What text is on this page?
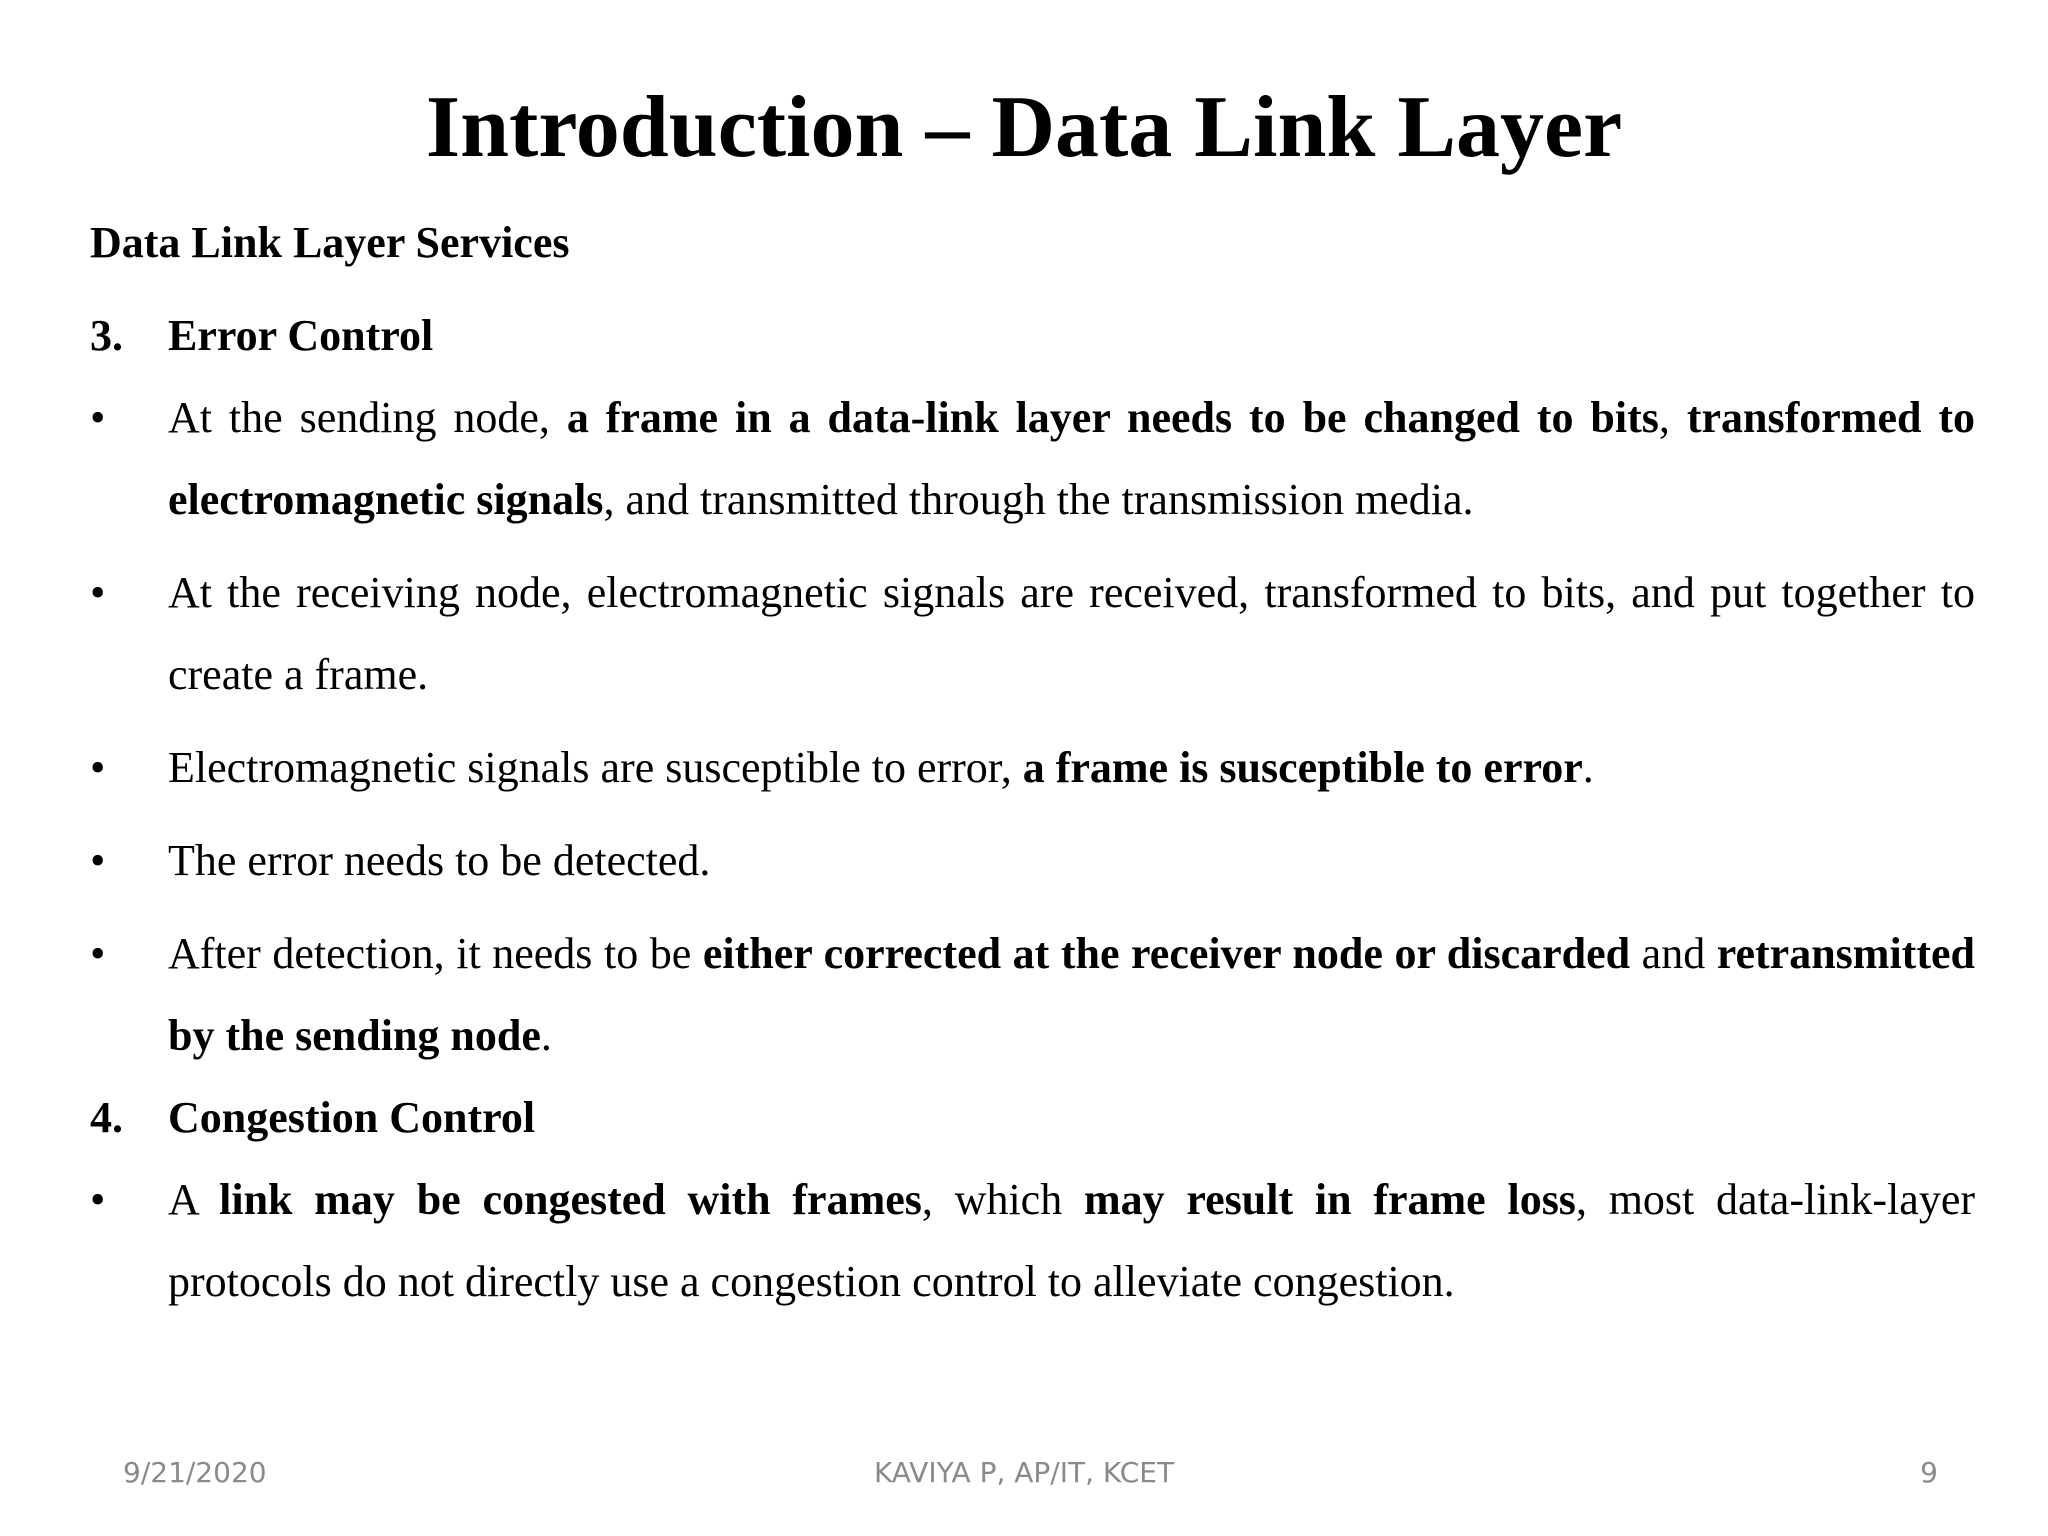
Introduction – Data Link Layer
Data Link Layer Services
3. Error Control
• At the sending node, a frame in a data-link layer needs to be changed to bits, transformed to electromagnetic signals, and transmitted through the transmission media.
• At the receiving node, electromagnetic signals are received, transformed to bits, and put together to create a frame.
• Electromagnetic signals are susceptible to error, a frame is susceptible to error.
• The error needs to be detected.
• After detection, it needs to be either corrected at the receiver node or discarded and retransmitted by the sending node.
4. Congestion Control
• A link may be congested with frames, which may result in frame loss, most data-link-layer protocols do not directly use a congestion control to alleviate congestion.
9/21/2020	KAVIYA P, AP/IT, KCET	9
